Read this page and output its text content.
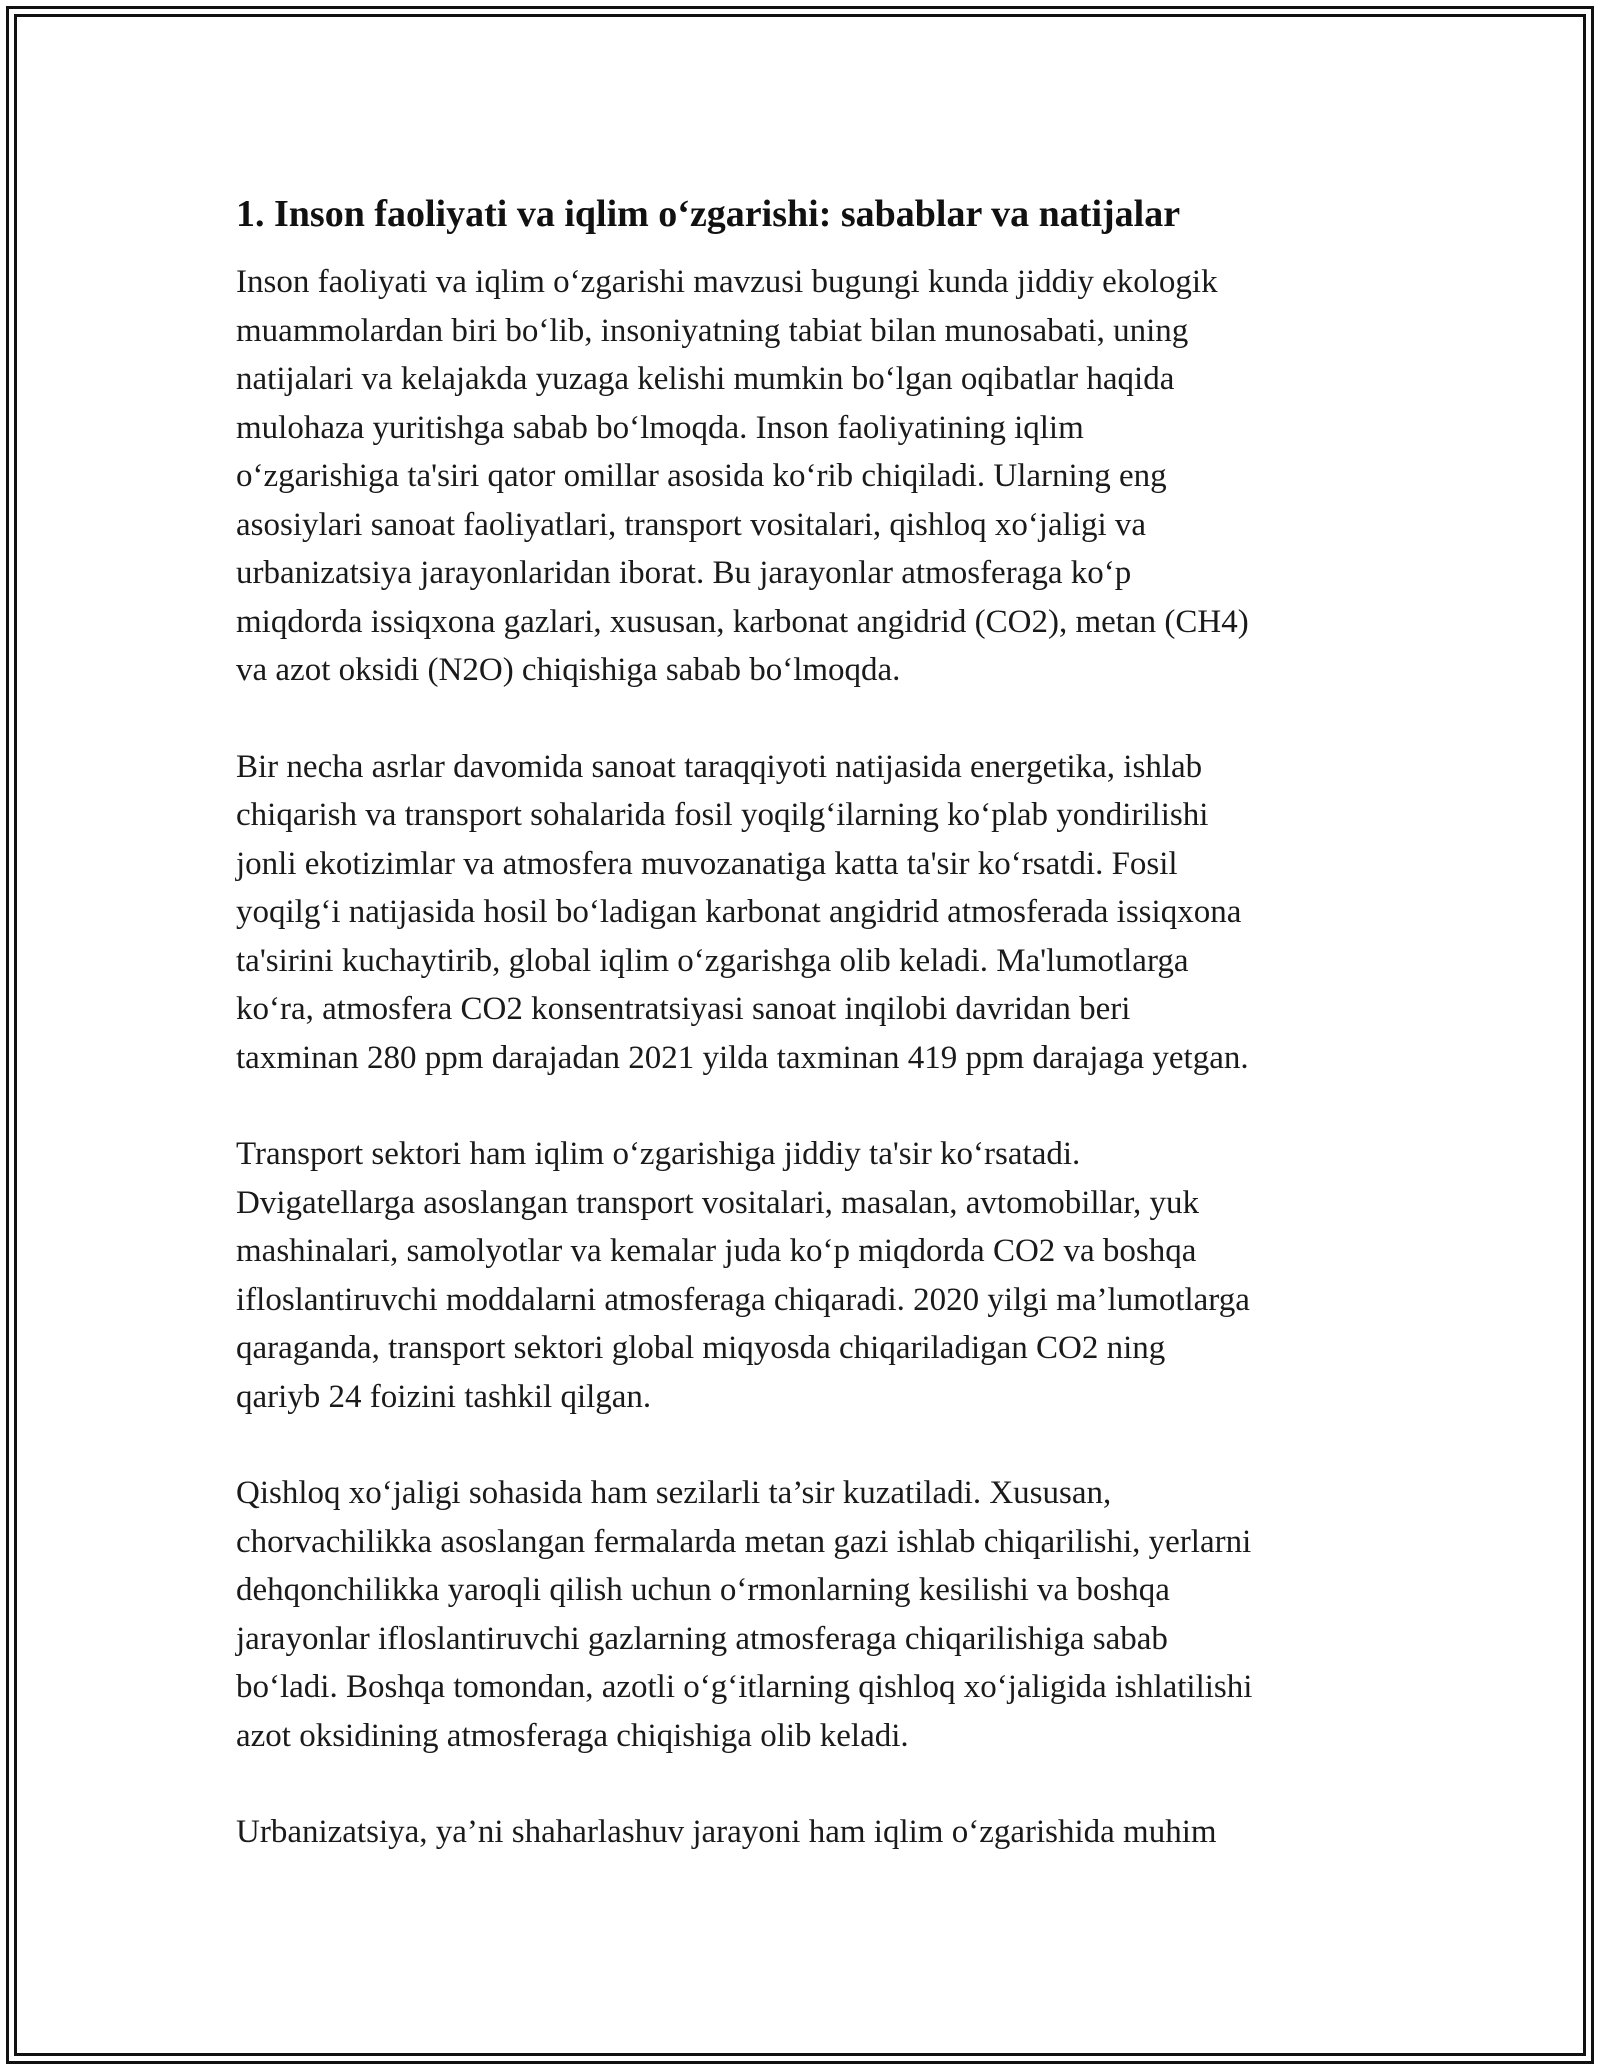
1. Inson faoliyati va iqlim o‘zgarishi: sabablar va natijalar

Inson faoliyati va iqlim o‘zgarishi mavzusi bugungi kunda jiddiy ekologik
muammolardan biri bo‘lib, insoniyatning tabiat bilan munosabati, uning
natijalari va kelajakda yuzaga kelishi mumkin bo‘lgan oqibatlar haqida
mulohaza yuritishga sabab bo‘lmoqda. Inson faoliyatining iqlim
o‘zgarishiga ta'siri qator omillar asosida ko‘rib chiqiladi. Ularning eng
asosiylari sanoat faoliyatlari, transport vositalari, qishloq xo‘jaligi va
urbanizatsiya jarayonlaridan iborat. Bu jarayonlar atmosferaga ko‘p
miqdorda issiqxona gazlari, xususan, karbonat angidrid (CO2), metan (CH4)
va azot oksidi (N2O) chiqishiga sabab bo‘lmoqda.

Bir necha asrlar davomida sanoat taraqqiyoti natijasida energetika, ishlab
chiqarish va transport sohalarida fosil yoqilg‘ilarning ko‘plab yondirilishi
jonli ekotizimlar va atmosfera muvozanatiga katta ta'sir ko‘rsatdi. Fosil
yoqilg‘i natijasida hosil bo‘ladigan karbonat angidrid atmosferada issiqxona
ta'sirini kuchaytirib, global iqlim o‘zgarishga olib keladi. Ma'lumotlarga
ko‘ra, atmosfera CO2 konsentratsiyasi sanoat inqilobi davridan beri
taxminan 280 ppm darajadan 2021 yilda taxminan 419 ppm darajaga yetgan.

Transport sektori ham iqlim o‘zgarishiga jiddiy ta'sir ko‘rsatadi.
Dvigatellarga asoslangan transport vositalari, masalan, avtomobillar, yuk
mashinalari, samolyotlar va kemalar juda ko‘p miqdorda CO2 va boshqa
ifloslantiruvchi moddalarni atmosferaga chiqaradi. 2020 yilgi ma’lumotlarga
qaraganda, transport sektori global miqyosda chiqariladigan CO2 ning
qariyb 24 foizini tashkil qilgan.

Qishloq xo‘jaligi sohasida ham sezilarli ta’sir kuzatiladi. Xususan,
chorvachilikka asoslangan fermalarda metan gazi ishlab chiqarilishi, yerlarni
dehqonchilikka yaroqli qilish uchun o‘rmonlarning kesilishi va boshqa
jarayonlar ifloslantiruvchi gazlarning atmosferaga chiqarilishiga sabab
bo‘ladi. Boshqa tomondan, azotli o‘g‘itlarning qishloq xo‘jaligida ishlatilishi
azot oksidining atmosferaga chiqishiga olib keladi.

Urbanizatsiya, ya’ni shaharlashuv jarayoni ham iqlim o‘zgarishida muhim
